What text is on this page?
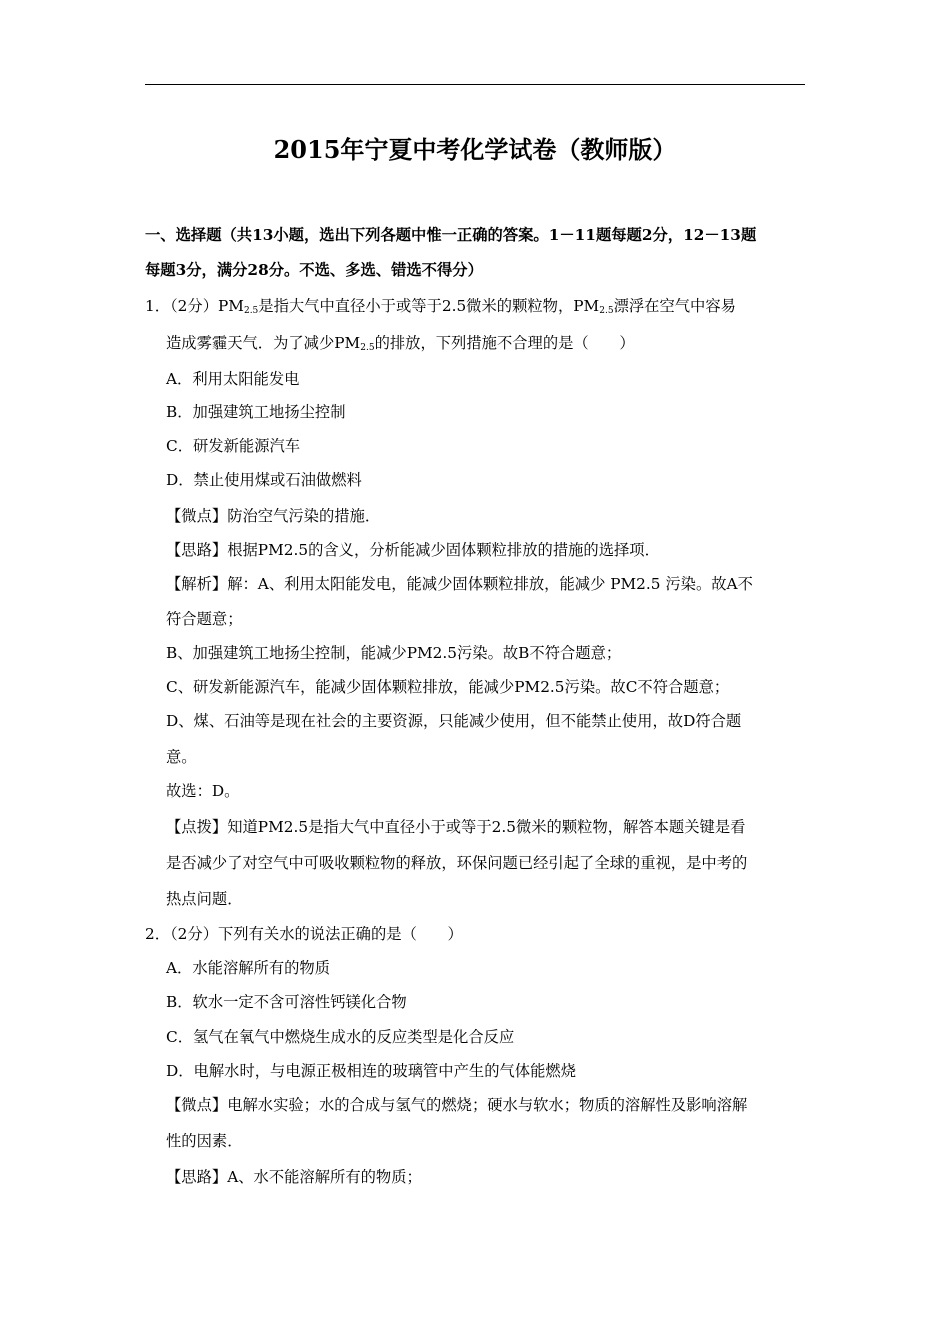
2015年宁夏中考化学试卷（教师版）
一、选择题（共13小题，选出下列各题中惟一正确的答案。1－11题每题2分，12－13题
每题3分，满分28分。不选、多选、错选不得分）
1．（2分）$PM_{2.5}$是指大气中直径小于或等于2.5微米的颗粒物，$PM_{2.5}$漂浮在空气中容易
造成雾霾天气．为了减少$PM_{2.5}$的排放，下列措施不合理的是（　　）
A．利用太阳能发电
B．加强建筑工地扬尘控制
C．研发新能源汽车
D．禁止使用煤或石油做燃料
【微点】防治空气污染的措施．
【思路】根据PM2.5的含义，分析能减少固体颗粒排放的措施的选择项．
【解析】解：A、利用太阳能发电，能减少固体颗粒排放，能减少 PM2.5 污染。故A不
符合题意；
B、加强建筑工地扬尘控制，能减少PM2.5污染。故B不符合题意；
C、研发新能源汽车，能减少固体颗粒排放，能减少PM2.5污染。故C不符合题意；
D、煤、石油等是现在社会的主要资源，只能减少使用，但不能禁止使用，故D符合题
意。
故选：D。
【点拨】知道PM2.5是指大气中直径小于或等于2.5微米的颗粒物，解答本题关键是看
是否减少了对空气中可吸收颗粒物的释放，环保问题已经引起了全球的重视，是中考的
热点问题．
2．（2分）下列有关水的说法正确的是（　　）
A．水能溶解所有的物质
B．软水一定不含可溶性钙镁化合物
C．氢气在氧气中燃烧生成水的反应类型是化合反应
D．电解水时，与电源正极相连的玻璃管中产生的气体能燃烧
【微点】电解水实验；水的合成与氢气的燃烧；硬水与软水；物质的溶解性及影响溶解
性的因素．
【思路】A、水不能溶解所有的物质；
